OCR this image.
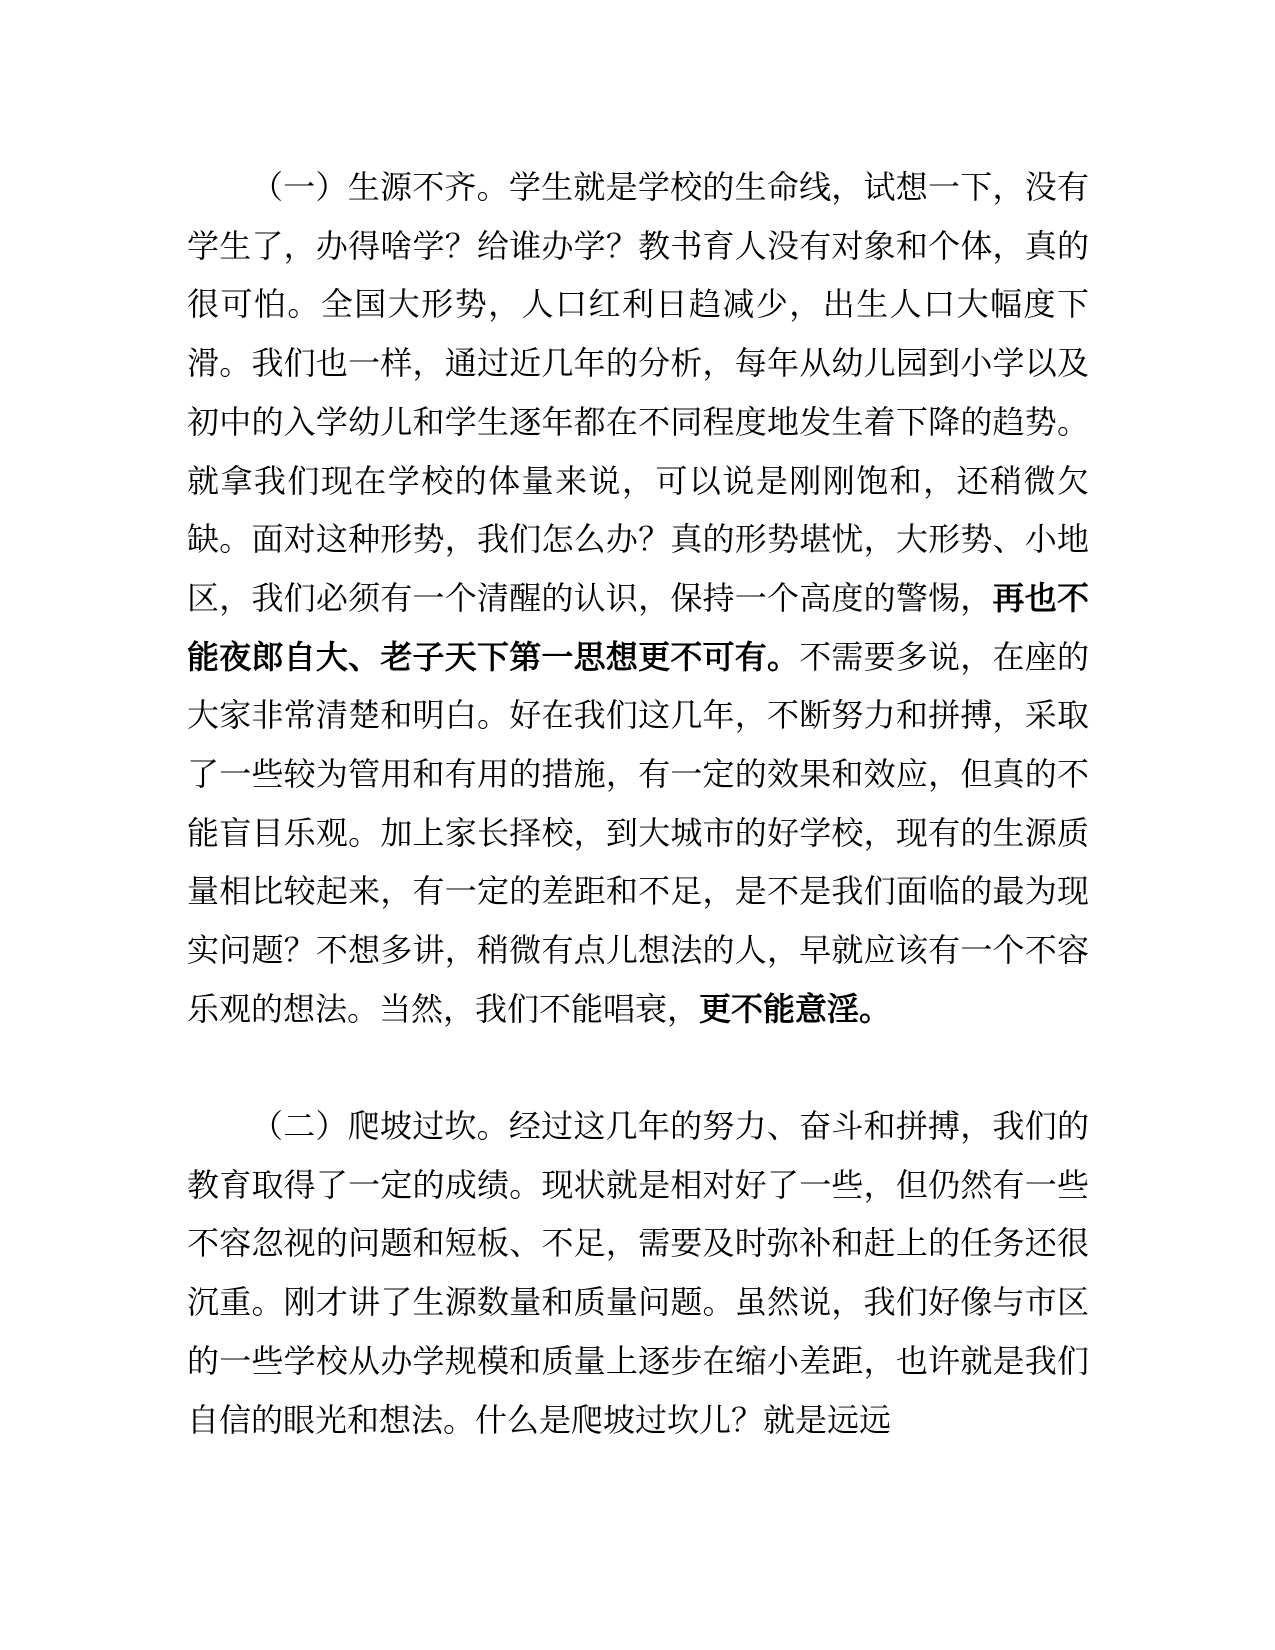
（一）生源不齐。学生就是学校的生命线，试想一下，没有学生了，办得啥学？给谁办学？教书育人没有对象和个体，真的很可怕。全国大形势，人口红利日趋减少，出生人口大幅度下滑。我们也一样，通过近几年的分析，每年从幼儿园到小学以及初中的入学幼儿和学生逐年都在不同程度地发生着下降的趋势。就拿我们现在学校的体量来说，可以说是刚刚饱和，还稍微欠缺。面对这种形势，我们怎么办？真的形势堪忧，大形势、小地区，我们必须有一个清醒的认识，保持一个高度的警惕，再也不能夜郎自大、老子天下第一思想更不可有。不需要多说，在座的大家非常清楚和明白。好在我们这几年，不断努力和拼搏，采取了一些较为管用和有用的措施，有一定的效果和效应，但真的不能盲目乐观。加上家长择校，到大城市的好学校，现有的生源质量相比较起来，有一定的差距和不足，是不是我们面临的最为现实问题？不想多讲，稍微有点儿想法的人，早就应该有一个不容乐观的想法。当然，我们不能唱衰，更不能意淫。

（二）爬坡过坎。经过这几年的努力、奋斗和拼搏，我们的教育取得了一定的成绩。现状就是相对好了一些，但仍然有一些不容忽视的问题和短板、不足，需要及时弥补和赶上的任务还很沉重。刚才讲了生源数量和质量问题。虽然说，我们好像与市区的一些学校从办学规模和质量上逐步在缩小差距，也许就是我们自信的眼光和想法。什么是爬坡过坎儿？就是远远
